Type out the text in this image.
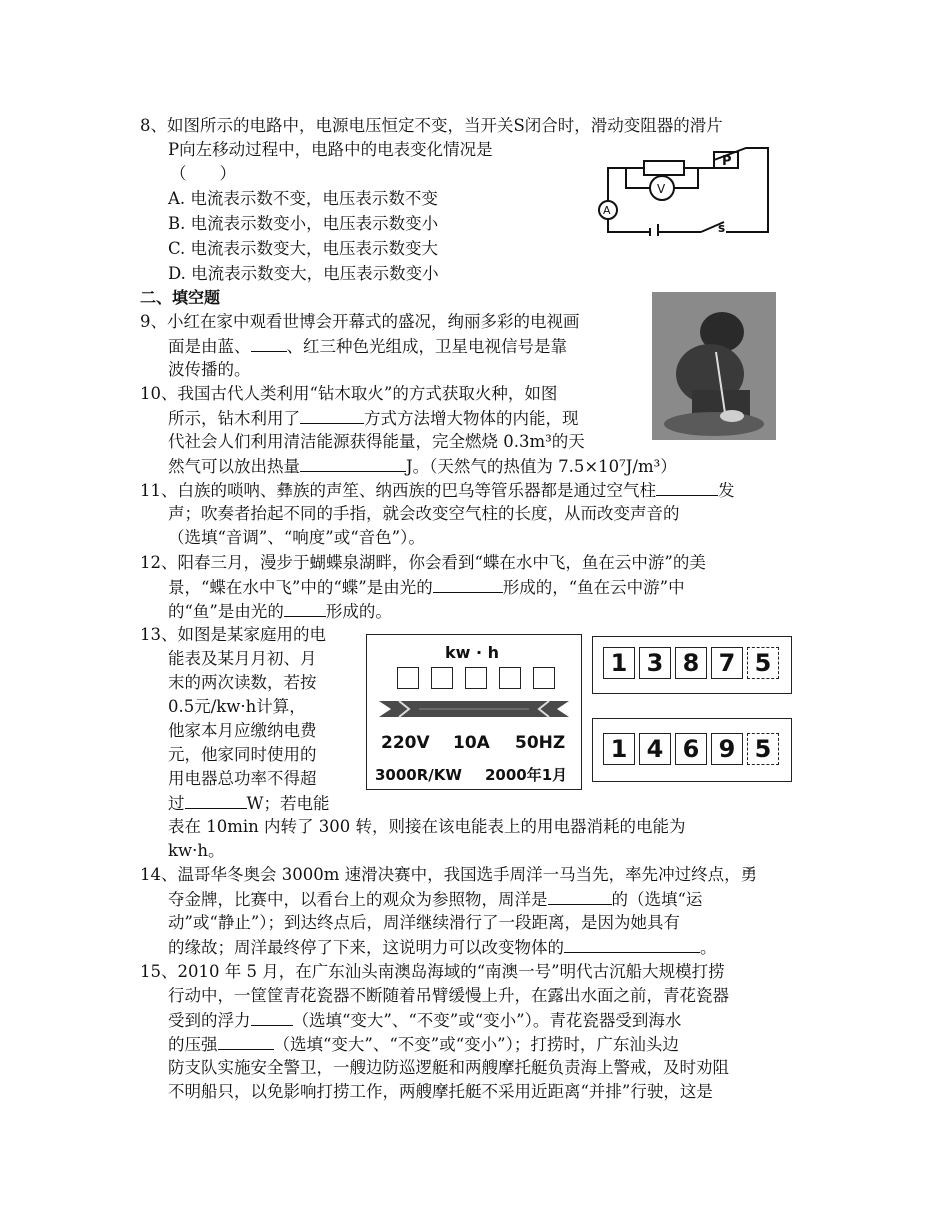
8、如图所示的电路中，电源电压恒定不变，当开关S闭合时，滑动变阻器的滑片
P向左移动过程中，电路中的电表变化情况是
（　　）
A. 电流表示数不变，电压表示数不变
B. 电流表示数变小，电压表示数变小
C. 电流表示数变大，电压表示数变大
D. 电流表示数变大，电压表示数变小
P
V
A
s
二、填空题
9、小红在家中观看世博会开幕式的盛况，绚丽多彩的电视画
面是由蓝、 、红三种色光组成，卫星电视信号是靠
波传播的。
10、我国古代人类利用“钻木取火”的方式获取火种，如图
所示，钻木利用了	方式方法增大物体的内能，现
代社会人们利用清洁能源获得能量，完全燃烧 0.3m³的天
然气可以放出热量	J。（天然气的热值为 7.5×10⁷J/m³）
11、白族的唢呐、彝族的声笙、纳西族的巴乌等管乐器都是通过空气柱	发
声；吹奏者抬起不同的手指，就会改变空气柱的长度，从而改变声音的
（选填“音调”、“响度”或“音色”）。
12、阳春三月，漫步于蝴蝶泉湖畔，你会看到“蝶在水中飞，鱼在云中游”的美
景，“蝶在水中飞”中的“蝶”是由光的	形成的，“鱼在云中游”中
的“鱼”是由光的	形成的。
13、如图是某家庭用的电
能表及某月月初、月
末的两次读数，若按
0.5元/kw·h计算，
他家本月应缴纳电费
元，他家同时使用的
用电器总功率不得超
过	W；若电能
表在 10min 内转了 300 转，则接在该电能表上的用电器消耗的电能为
kw·h。
kw · h
220V 10A 50HZ
3000R/KW 2000年1月
1 3 8 7 5
1 4 6 9 5
14、温哥华冬奥会 3000m 速滑决赛中，我国选手周洋一马当先，率先冲过终点，勇
夺金牌，比赛中，以看台上的观众为参照物，周洋是	的（选填“运
动”或“静止”）；到达终点后，周洋继续滑行了一段距离，是因为她具有
的缘故；周洋最终停了下来，这说明力可以改变物体的	。
15、2010 年 5 月，在广东汕头南澳岛海域的“南澳一号”明代古沉船大规模打捞
行动中，一筐筐青花瓷器不断随着吊臂缓慢上升，在露出水面之前，青花瓷器
受到的浮力	（选填“变大”、“不变”或“变小”）。青花瓷器受到海水
的压强	（选填“变大”、“不变”或“变小”）；打捞时，广东汕头边
防支队实施安全警卫，一艘边防巡逻艇和两艘摩托艇负责海上警戒，及时劝阻
不明船只，以免影响打捞工作，两艘摩托艇不采用近距离“并排”行驶，这是
